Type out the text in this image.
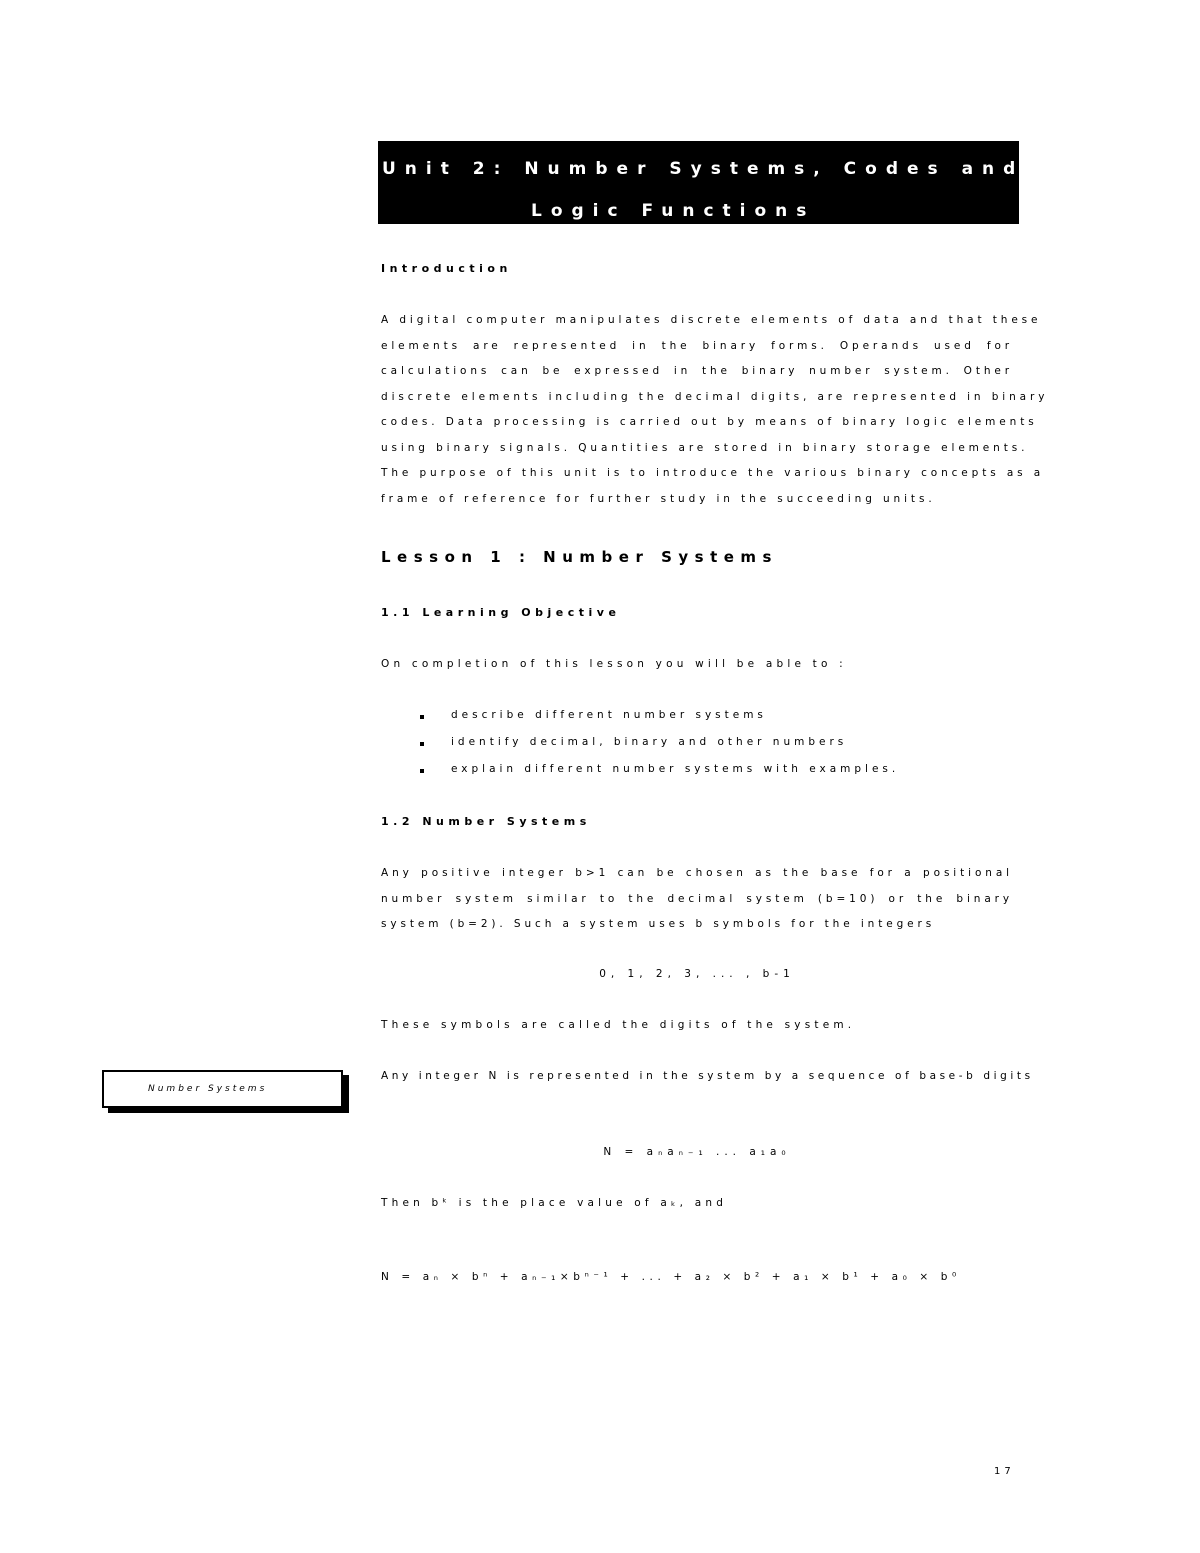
Unit 2: Number Systems, Codes and
Logic Functions
Introduction
A digital computer manipulates discrete elements of data and that these
elements are represented in the binary forms. Operands used for
calculations can be expressed in the binary number system. Other
discrete elements including the decimal digits, are represented in binary
codes. Data processing is carried out by means of binary logic elements
using binary signals. Quantities are stored in binary storage elements.
The purpose of this unit is to introduce the various binary concepts as a
frame of reference for further study in the succeeding units.
Lesson 1 : Number Systems
1.1 Learning Objective
On completion of this lesson you will be able to :
describe different number systems
identify decimal, binary and other numbers
explain different number systems with examples.
1.2 Number Systems
Any positive integer b>1 can be chosen as the base for a positional
number system similar to the decimal system (b=10) or the binary
system (b=2). Such a system uses b symbols for the integers
0, 1, 2, 3, ... , b-1
These symbols are called the digits of the system.
Any integer N is represented in the system by a sequence of base-b digits
Number Systems
N = aₙaₙ₋₁ ... a₁a₀
Then bᵏ is the place value of aₖ, and
N = aₙ × bⁿ + aₙ₋₁×bⁿ⁻¹ + ... + a₂ × b² + a₁ × b¹ + a₀ × b⁰
17
